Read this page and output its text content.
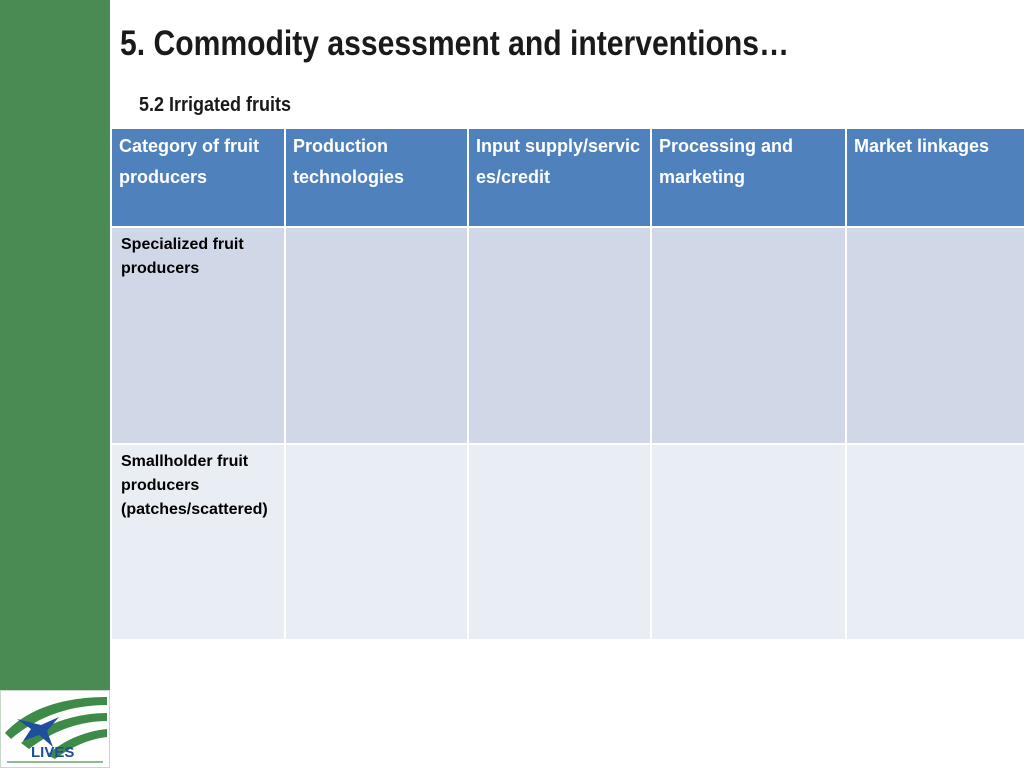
LIVES
5. Commodity assessment and interventions…
5.2 Irrigated fruits
Category of fruit producers	Production technologies	Input supply/services/credit	Processing and marketing	Market linkages

Specialized fruit producers				

Smallholder fruit producers (patches/scattered)				
